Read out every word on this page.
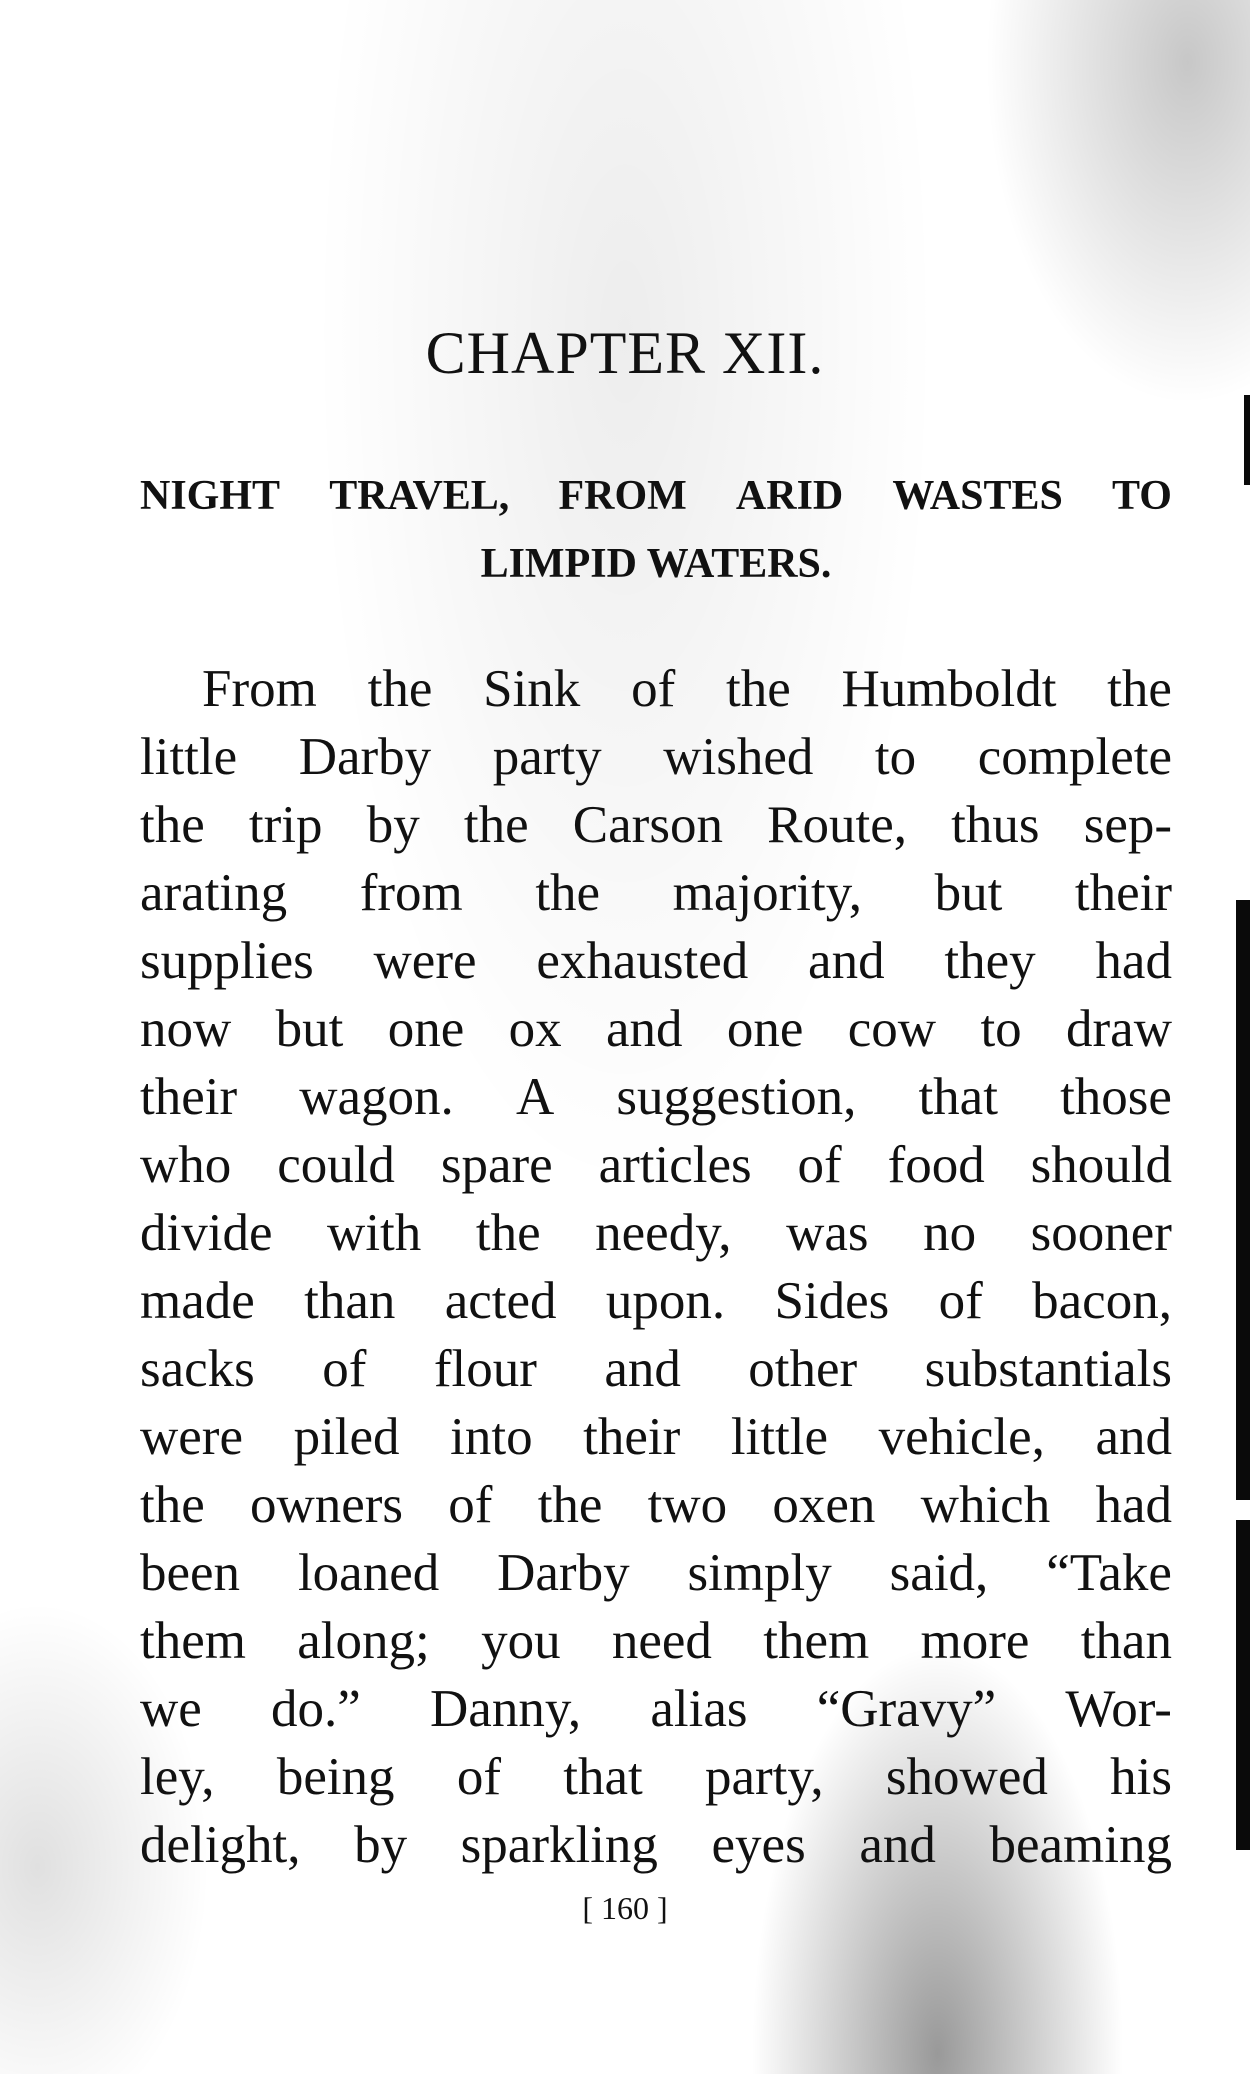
CHAPTER XII.
NIGHT TRAVEL, FROM ARID WASTES TO
LIMPID WATERS.
From the Sink of the Humboldt the
little Darby party wished to complete
the trip by the Carson Route, thus sep-
arating from the majority, but their
supplies were exhausted and they had
now but one ox and one cow to draw
their wagon. A suggestion, that those
who could spare articles of food should
divide with the needy, was no sooner
made than acted upon. Sides of bacon,
sacks of flour and other substantials
were piled into their little vehicle, and
the owners of the two oxen which had
been loaned Darby simply said, “Take
them along; you need them more than
we do.” Danny, alias “Gravy” Wor-
ley, being of that party, showed his
delight, by sparkling eyes and beaming
[ 160 ]
